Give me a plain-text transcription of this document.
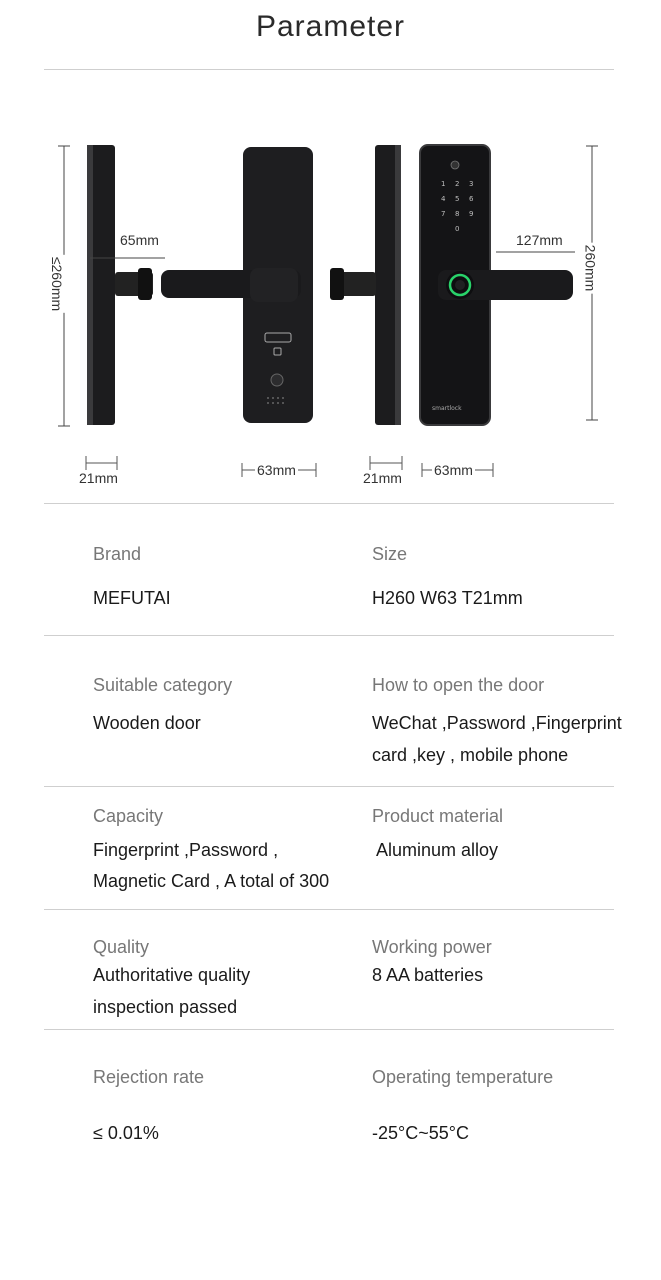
Parameter
smartlock
1 2 3
4 5 6
7 8 9
0
≤260mm	260mm
65mm	127mm
21mm	63mm	21mm 63mm
Brand
MEFUTAI
Size
H260 W63 T21mm
Suitable category
Wooden door
How to open the door
WeChat ,Password ,Fingerprint
card ,key , mobile phone
Capacity
Fingerprint ,Password ,
Magnetic Card , A total of 300
Product material
Aluminum alloy
Quality
Authoritative quality
inspection passed
Working power
8 AA batteries
Rejection rate
≤ 0.01%
Operating temperature
-25°C~55°C
